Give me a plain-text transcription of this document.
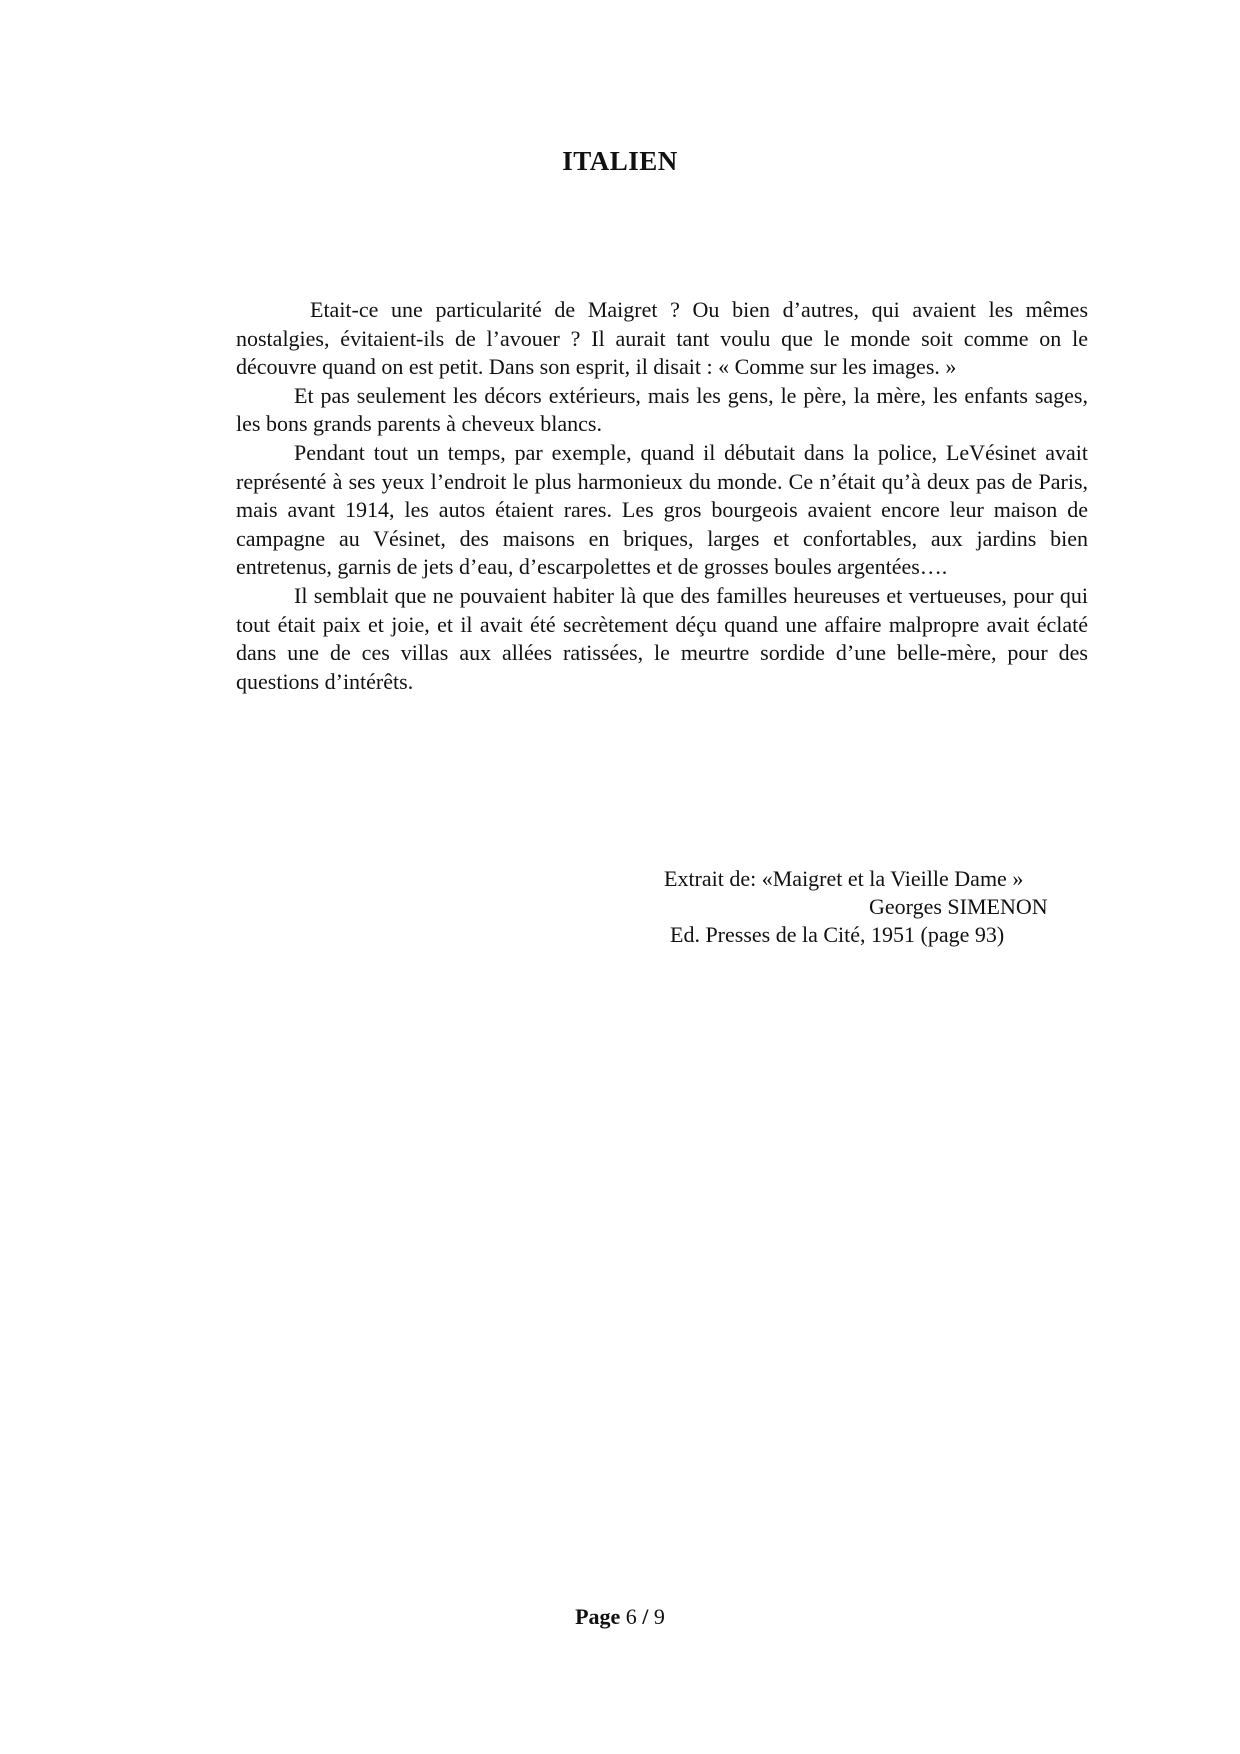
ITALIEN

Etait-ce une particularité de Maigret ? Ou bien d’autres, qui avaient les mêmes nostalgies, évitaient-ils de l’avouer ? Il aurait tant voulu que le monde soit comme on le découvre quand on est petit. Dans son esprit, il disait : « Comme sur les images. »

Et pas seulement les décors extérieurs, mais les gens, le père, la mère, les enfants sages, les bons grands parents à cheveux blancs.

Pendant tout un temps, par exemple, quand il débutait dans la police, LeVésinet avait représenté à ses yeux l’endroit le plus harmonieux du monde. Ce n’était qu’à deux pas de Paris, mais avant 1914, les autos étaient rares. Les gros bourgeois avaient encore leur maison de campagne au Vésinet, des maisons en briques, larges et confortables, aux jardins bien entretenus, garnis de jets d’eau, d’escarpolettes et de grosses boules argentées….

Il semblait que ne pouvaient habiter là que des familles heureuses et vertueuses, pour qui tout était paix et joie, et il avait été secrètement déçu quand une affaire malpropre avait éclaté dans une de ces villas aux allées ratissées, le meurtre sordide d’une belle-mère, pour des questions d’intérêts.

Extrait de: «Maigret et la Vieille Dame »
Georges SIMENON
Ed. Presses de la Cité, 1951 (page 93)
Page 6 / 9
